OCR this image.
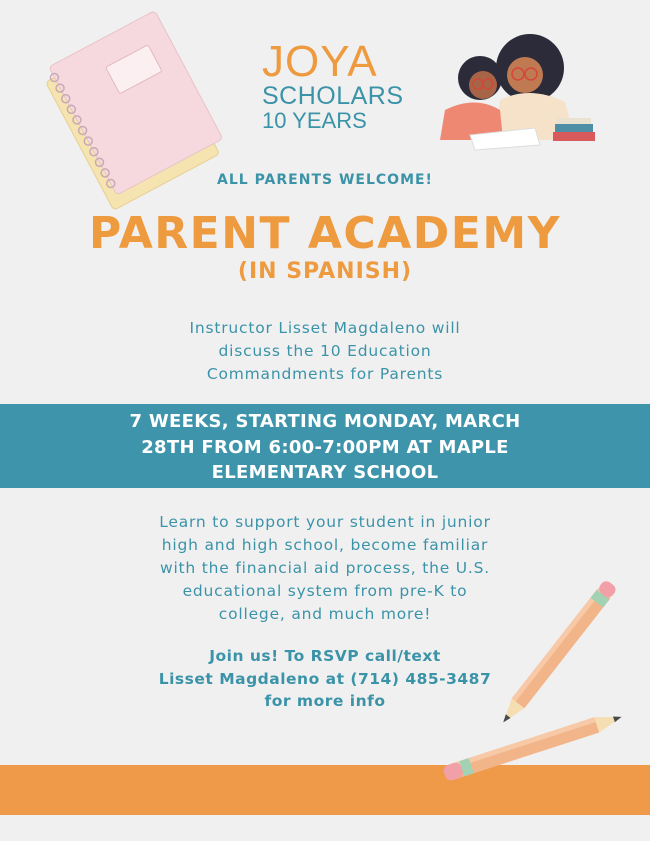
JOYA
SCHOLARS
10 YEARS
ALL PARENTS WELCOME!
PARENT ACADEMY
(IN SPANISH)
Instructor Lisset Magdaleno will
discuss the 10 Education
Commandments for Parents
7 WEEKS, STARTING MONDAY, MARCH
28TH FROM 6:00-7:00PM AT MAPLE
ELEMENTARY SCHOOL
Learn to support your student in junior
high and high school, become familiar
with the financial aid process, the U.S.
educational system from pre-K to
college, and much more!
Join us! To RSVP call/text
Lisset Magdaleno at (714) 485-3487
for more info
